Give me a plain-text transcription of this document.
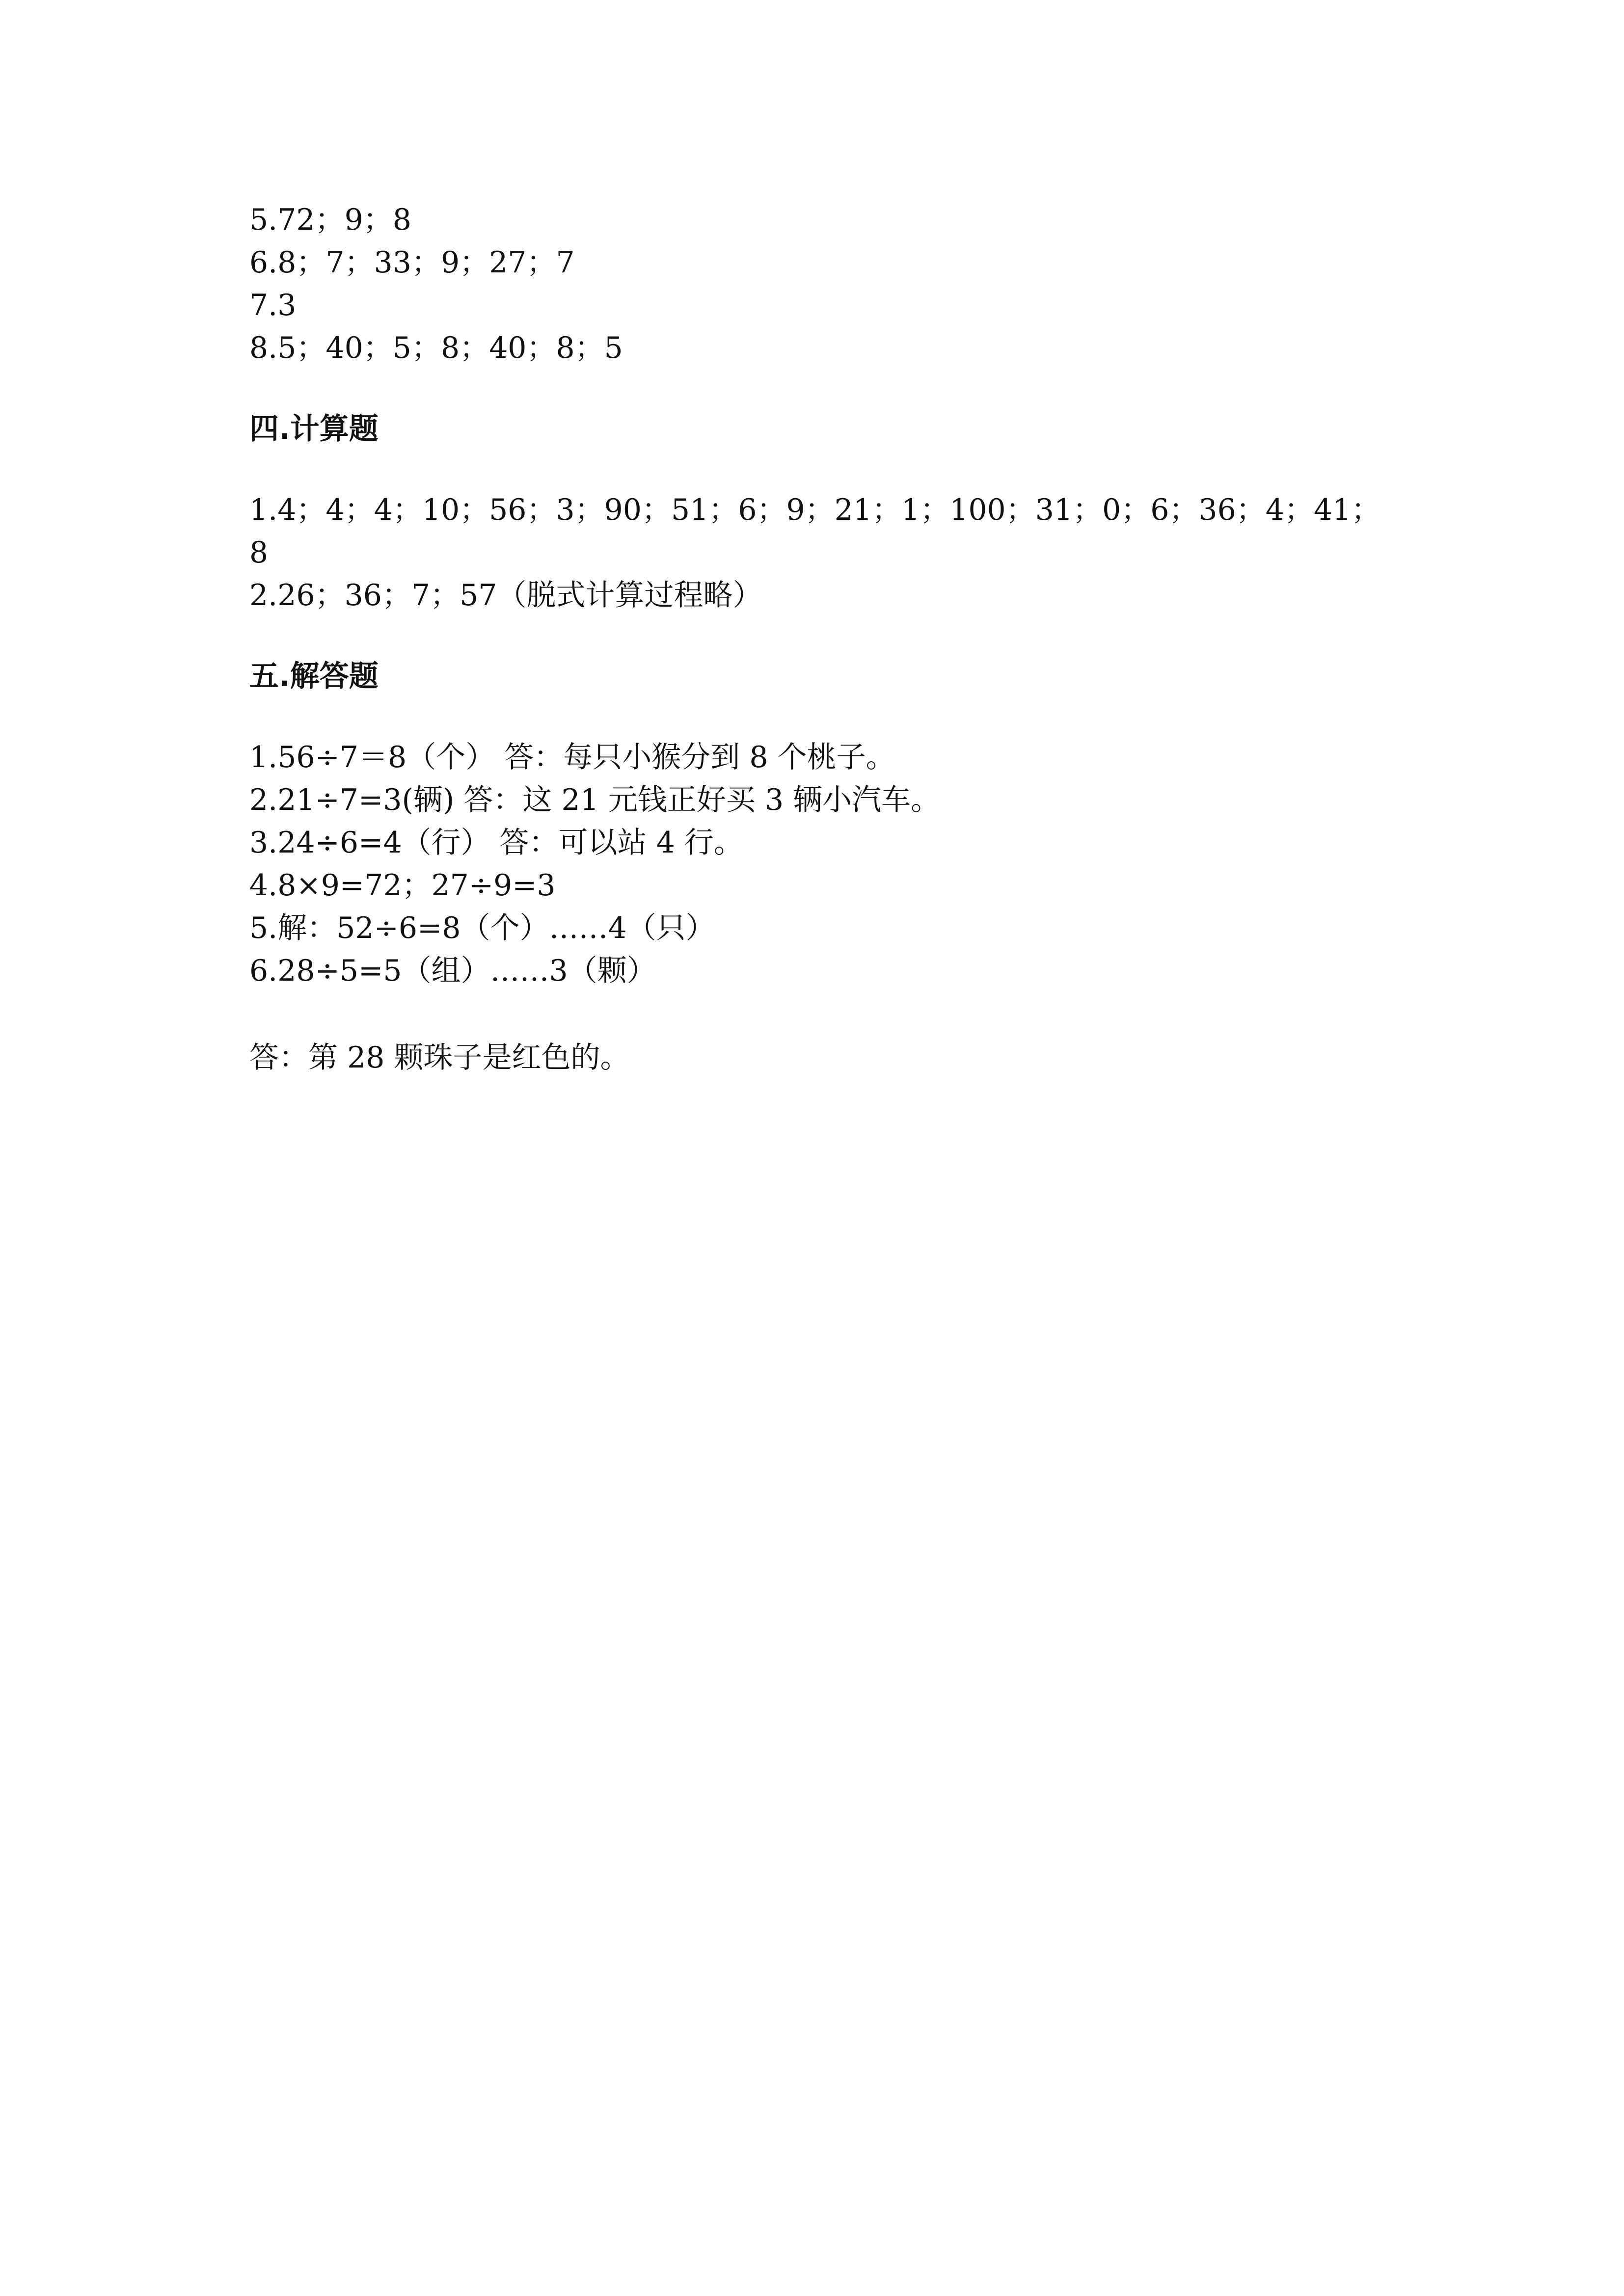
5.72；9；8

6.8；7；33；9；27；7

7.3

8.5；40；5；8；40；8；5

四.计算题

1.4；4；4；10；56；3；90；51；6；9；21；1；100；31；0；6；36；4；41；

8

2.26；36；7；57（脱式计算过程略）

五.解答题

1.56÷7＝8（个） 答：每只小猴分到 8 个桃子。

2.21÷7=3(辆) 答：这 21 元钱正好买 3 辆小汽车。

3.24÷6=4（行） 答：可以站 4 行。

4.8×9=72；27÷9=3

5.解：52÷6=8（个）……4（只）

6.28÷5=5（组）……3（颗）

答：第 28 颗珠子是红色的。
